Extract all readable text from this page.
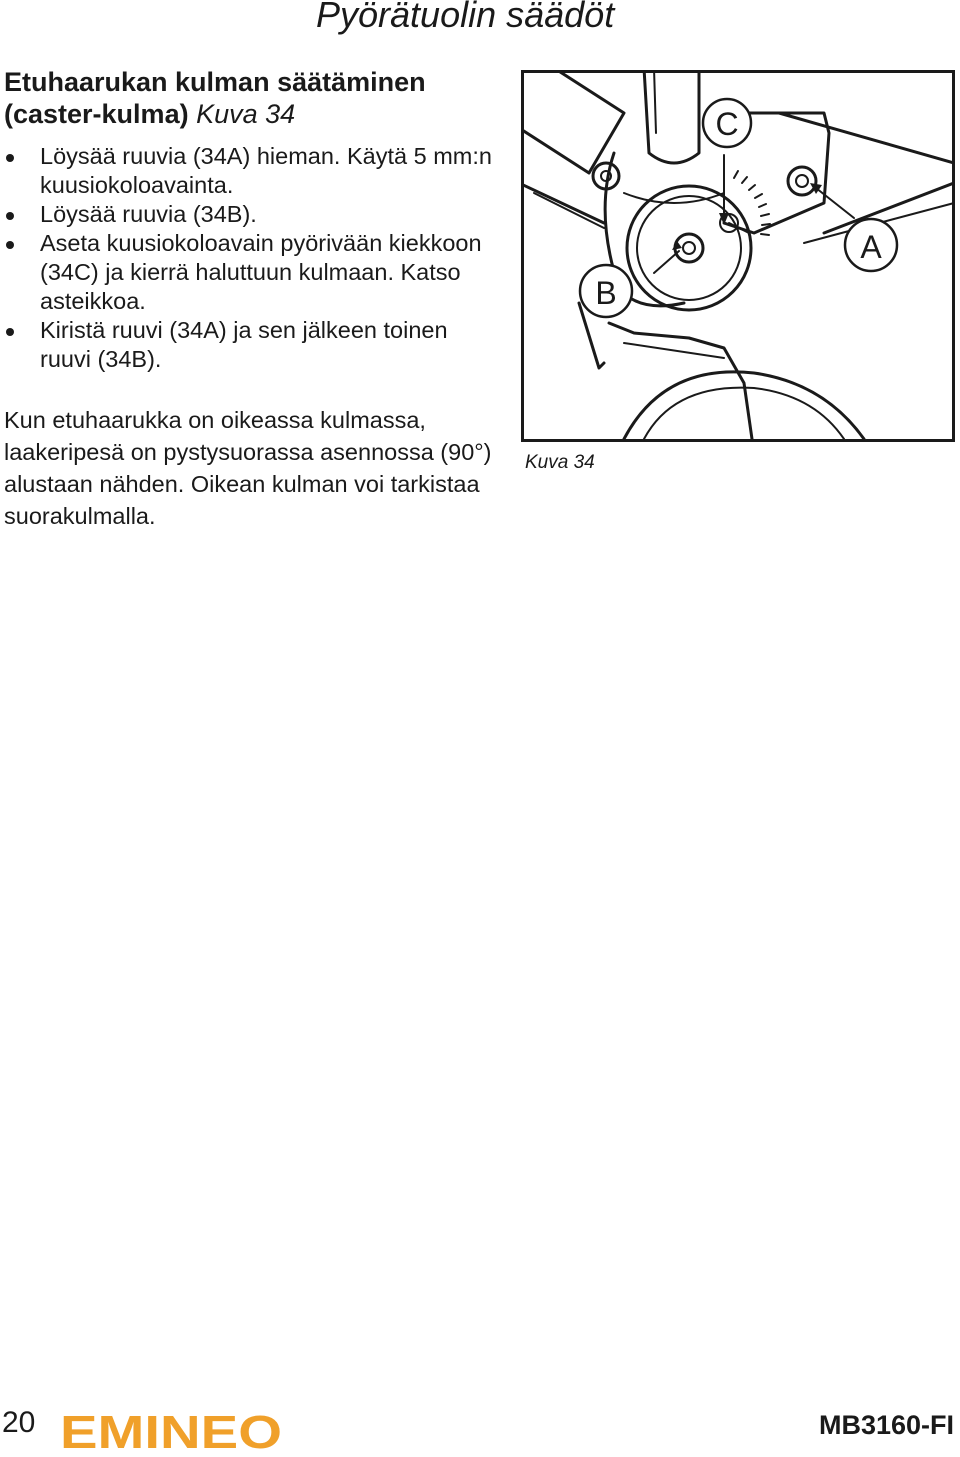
Pyörätuolin säädöt
Etuhaarukan kulman säätäminen (caster-kulma) Kuva 34
Löysää ruuvia (34A) hieman. Käytä 5 mm:n kuusiokoloavainta.
Löysää ruuvia (34B).
Aseta kuusiokoloavain pyörivään kiekkoon (34C) ja kierrä haluttuun kulmaan. Katso asteikkoa.
Kiristä ruuvi (34A) ja sen jälkeen toinen ruuvi (34B).

Kun etuhaarukka on oikeassa kulmassa, laakeripesä on pystysuorassa asennossa (90°) alustaan nähden. Oikean kulman voi tarkistaa suorakulmalla.

C
B
A
Kuva 34
20 EMINEO	MB3160-FI
